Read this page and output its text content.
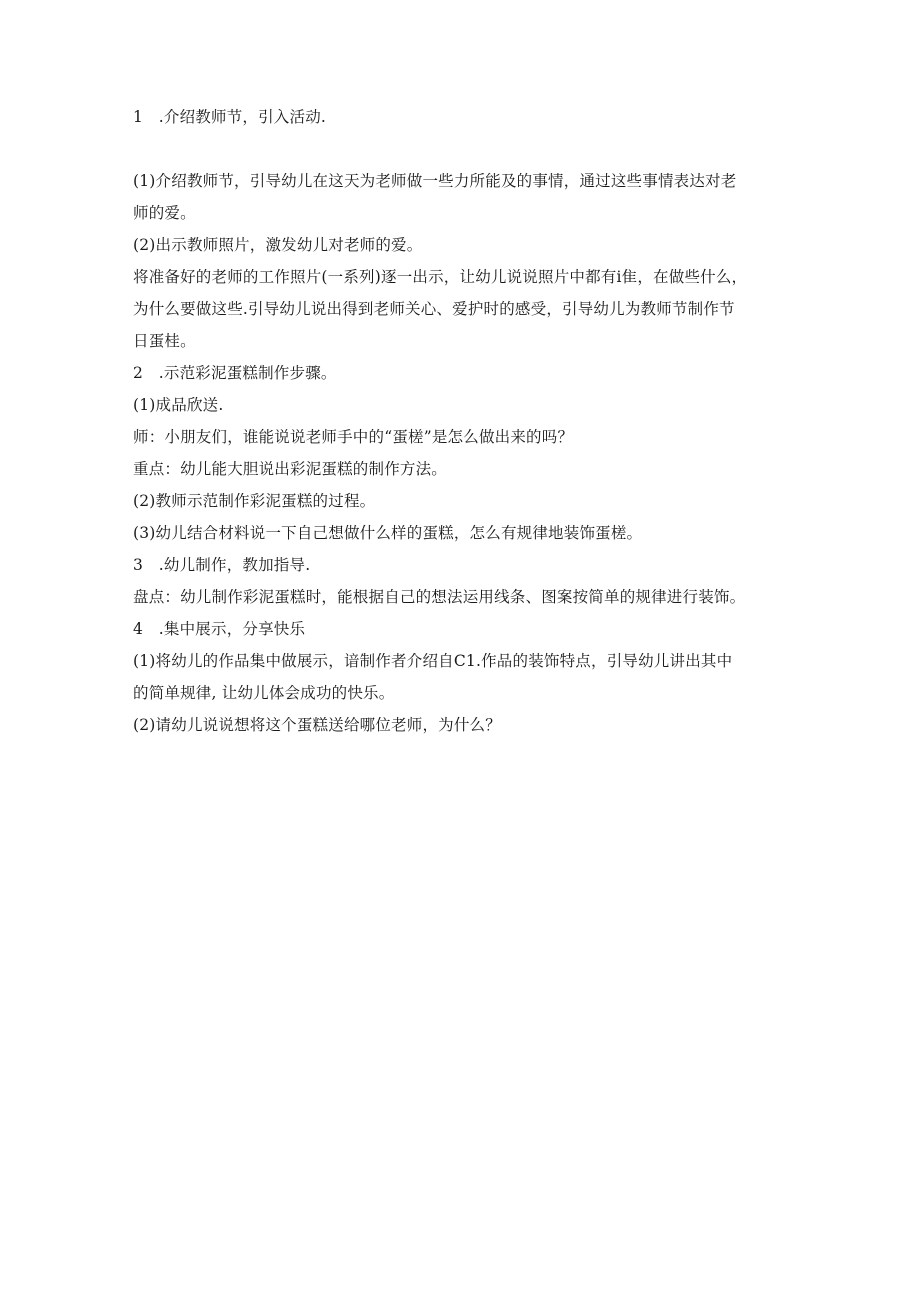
1　.介绍教师节，引入活动.
(1)介绍教师节，引导幼儿在这天为老师做一些力所能及的事情，通过这些事情表达对老
师的爱。
(2)出示教师照片，激发幼儿对老师的爱。
将准备好的老师的工作照片(一系列)逐一出示，让幼儿说说照片中都有i隹，在做些什么，
为什么要做这些.引导幼儿说出得到老师关心、爱护时的感受，引导幼儿为教师节制作节
日蛋桂。
2　.示范彩泥蛋糕制作步骤。
(1)成品欣送.
师：小朋友们，谁能说说老师手中的“蛋槎”是怎么做出来的吗？
重点：幼儿能大胆说出彩泥蛋糕的制作方法。
(2)教师示范制作彩泥蛋糕的过程。
(3)幼儿结合材料说一下自己想做什么样的蛋糕，怎么有规律地装饰蛋槎。
3　.幼儿制作，教加指导.
盘点：幼儿制作彩泥蛋糕时，能根据自己的想法运用线条、图案按简单的规律进行装饰。
4　.集中展示，分享快乐
(1)将幼儿的作品集中做展示，谙制作者介绍自C1.作品的装饰特点，引导幼儿讲出其中
的简单规律, 让幼儿体会成功的快乐。
(2)请幼儿说说想将这个蛋糕送给哪位老师，为什么？
